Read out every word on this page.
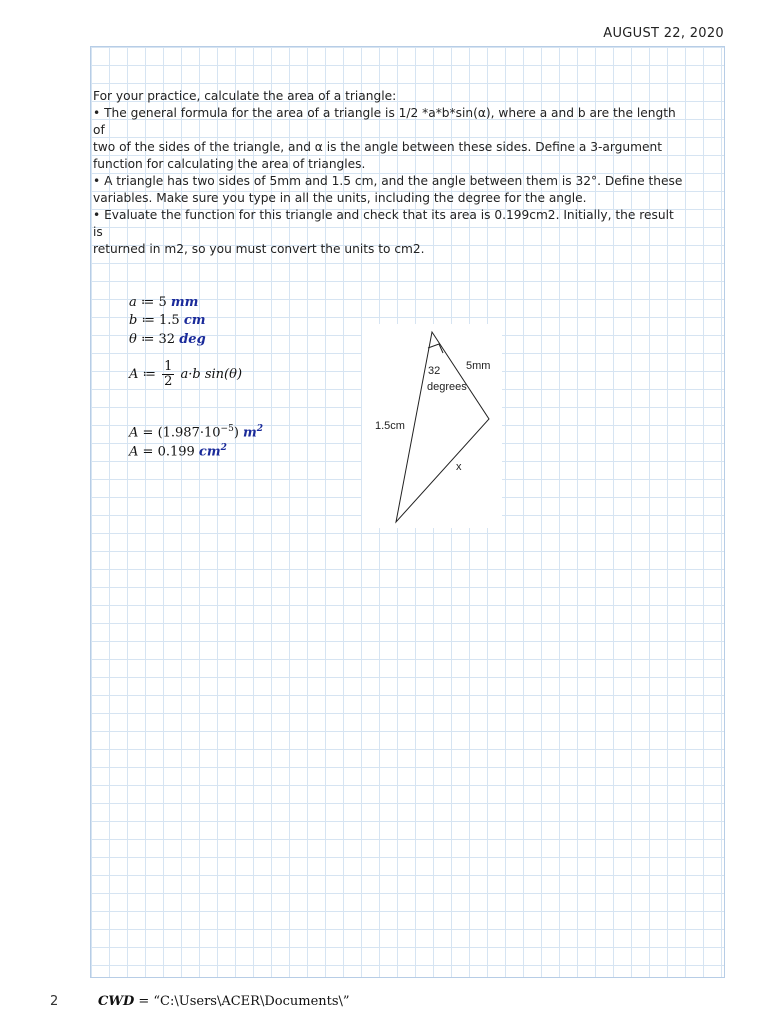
AUGUST 22, 2020

For your practice, calculate the area of a triangle:

• The general formula for the area of a triangle is 1/2 *a*b*sin(α), where a and b are the length of

two of the sides of the triangle, and α is the angle between these sides. Define a 3-argument function for calculating the area of triangles.

• A triangle has two sides of 5mm and 1.5 cm, and the angle between them is 32°. Define these

variables. Make sure you type in all the units, including the degree for the angle.

• Evaluate the function for this triangle and check that its area is 0.199cm2. Initially, the result is

returned in m2, so you must convert the units to cm2.

a ≔ 5 mm
b ≔ 1.5 cm
θ ≔ 32 deg
A ≔ $\frac{1}{2} a\cdot b$ sin(θ)
$A = (1.987\cdot 10^{-5})$ $m^2$
A = 0.199 $cm^2$
5mm
32
degrees
1.5cm
x
2	CWD = “C:\Users\ACER\Documents\”
